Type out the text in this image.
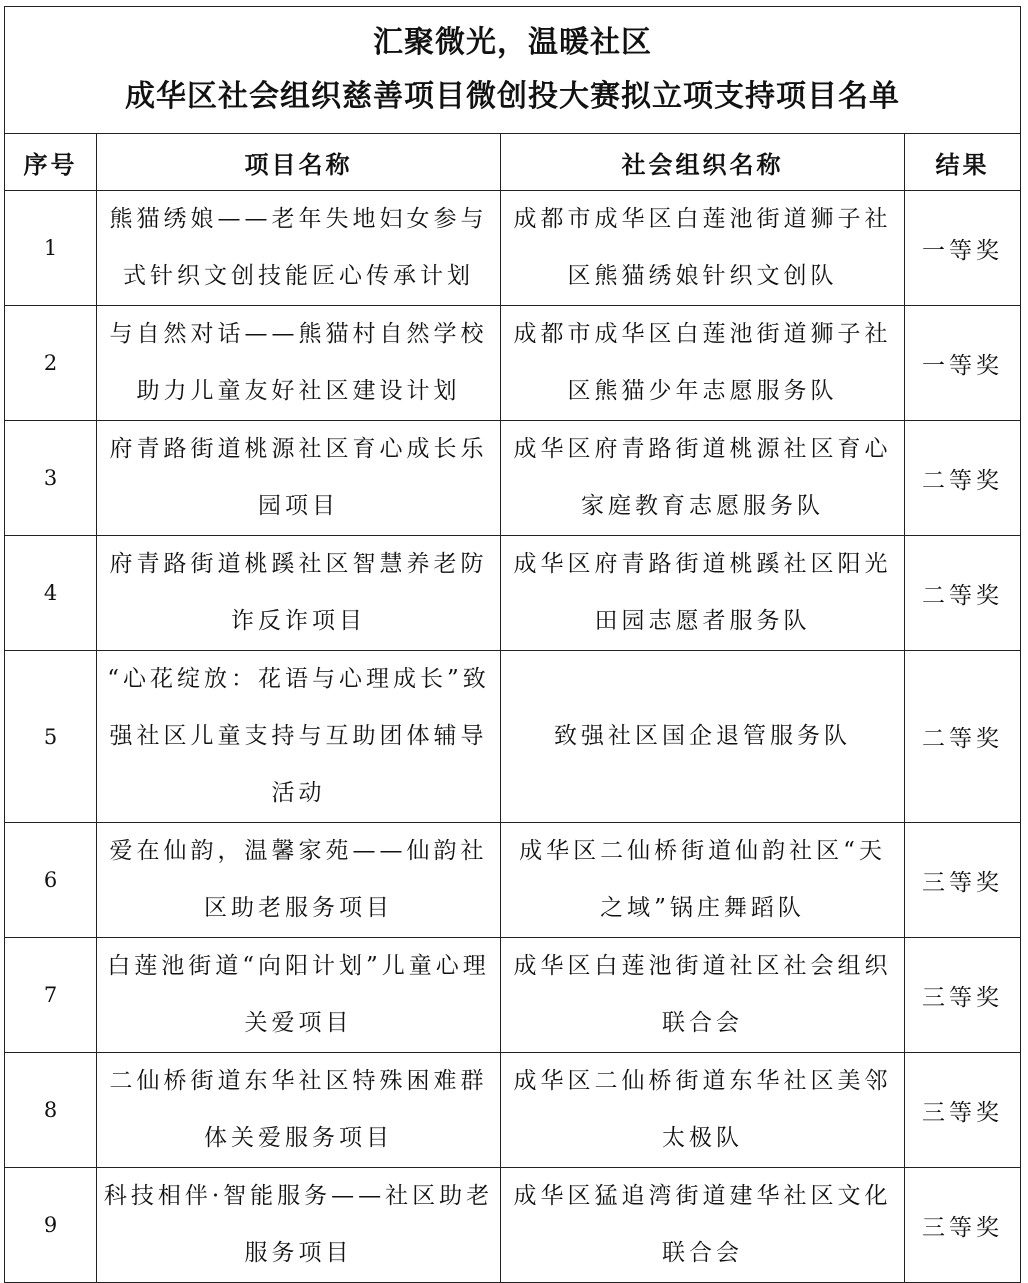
汇聚微光，温暖社区
成华区社会组织慈善项目微创投大赛拟立项支持项目名单			

序号	项目名称	社会组织名称	结果
1	熊猫绣娘——老年失地妇女参与式针织文创技能匠心传承计划	成都市成华区白莲池街道狮子社区熊猫绣娘针织文创队	一等奖
2	与自然对话——熊猫村自然学校助力儿童友好社区建设计划	成都市成华区白莲池街道狮子社区熊猫少年志愿服务队	一等奖
3	府青路街道桃源社区育心成长乐园项目	成华区府青路街道桃源社区育心家庭教育志愿服务队	二等奖
4	府青路街道桃蹊社区智慧养老防诈反诈项目	成华区府青路街道桃蹊社区阳光田园志愿者服务队	二等奖
5	“心花绽放：花语与心理成长”致强社区儿童支持与互助团体辅导活动	致强社区国企退管服务队	二等奖
6	爱在仙韵，温馨家苑——仙韵社区助老服务项目	成华区二仙桥街道仙韵社区“天之域”锅庄舞蹈队	三等奖
7	白莲池街道“向阳计划”儿童心理关爱项目	成华区白莲池街道社区社会组织联合会	三等奖
8	二仙桥街道东华社区特殊困难群体关爱服务项目	成华区二仙桥街道东华社区美邻太极队	三等奖
9	科技相伴·智能服务——社区助老服务项目	成华区猛追湾街道建华社区文化联合会	三等奖
